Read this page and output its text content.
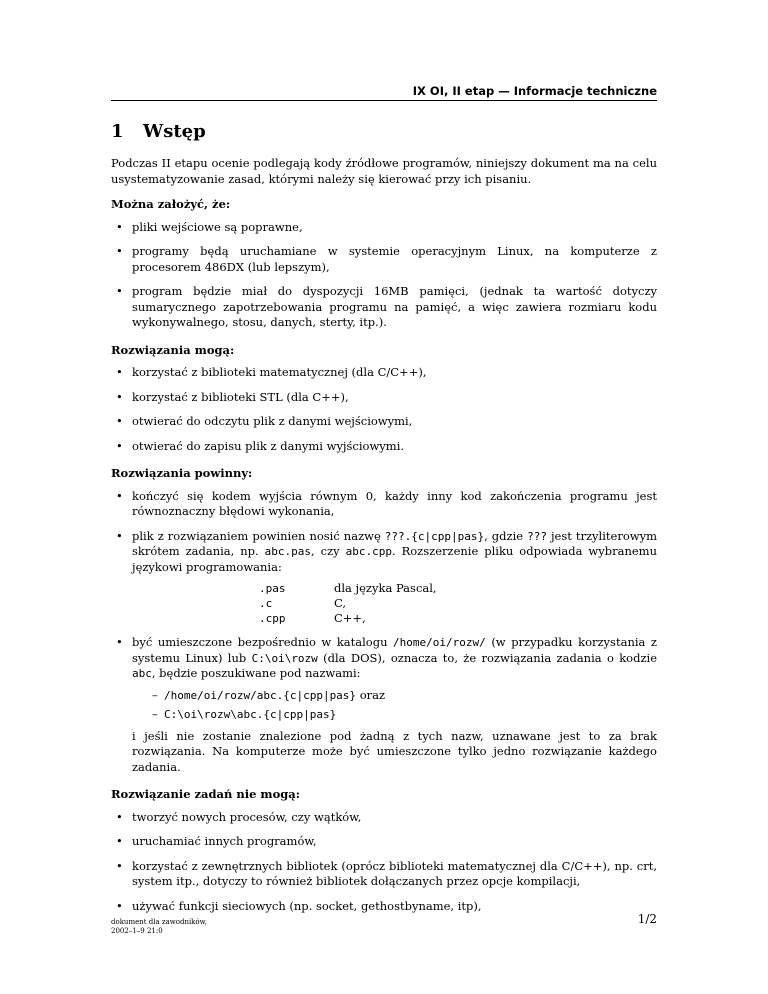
IX OI, II etap — Informacje techniczne
1 Wstęp

Podczas II etapu ocenie podlegają kody źródłowe programów, niniejszy dokument ma na celu usystematyzowanie zasad, którymi należy się kierować przy ich pisaniu.

Można założyć, że:

• pliki wejściowe są poprawne,
• programy będą uruchamiane w systemie operacyjnym Linux, na komputerze z procesorem 486DX (lub lepszym),
• program będzie miał do dyspozycji 16MB pamięci, (jednak ta wartość dotyczy sumarycznego zapotrzebowania programu na pamięć, a więc zawiera rozmiaru kodu wykonywalnego, stosu, danych, sterty, itp.).

Rozwiązania mogą:

• korzystać z biblioteki matematycznej (dla C/C++),
• korzystać z biblioteki STL (dla C++),
• otwierać do odczytu plik z danymi wejściowymi,
• otwierać do zapisu plik z danymi wyjściowymi.

Rozwiązania powinny:

• kończyć się kodem wyjścia równym 0, każdy inny kod zakończenia programu jest równoznaczny błędowi wykonania,
• plik z rozwiązaniem powinien nosić nazwę ???.{c|cpp|pas}, gdzie ??? jest trzyliterowym skrótem zadania, np. abc.pas, czy abc.cpp. Rozszerzenie pliku odpowiada wybranemu językowi programowania:
.pas	dla języka Pascal,
.c	C,
.cpp	C++,
• być umieszczone bezpośrednio w katalogu /home/oi/rozw/ (w przypadku korzystania z systemu Linux) lub C:\oi\rozw (dla DOS), oznacza to, że rozwiązania zadania o kodzie abc, będzie poszukiwane pod nazwami:
– /home/oi/rozw/abc.{c|cpp|pas} oraz
– C:\oi\rozw\abc.{c|cpp|pas}

i jeśli nie zostanie znalezione pod żadną z tych nazw, uznawane jest to za brak rozwiązania. Na komputerze może być umieszczone tylko jedno rozwiązanie każdego zadania.

Rozwiązanie zadań nie mogą:

• tworzyć nowych procesów, czy wątków,
• uruchamiać innych programów,
• korzystać z zewnętrznych bibliotek (oprócz biblioteki matematycznej dla C/C++), np. crt, system itp., dotyczy to również bibliotek dołączanych przez opcje kompilacji,
• używać funkcji sieciowych (np. socket, gethostbyname, itp),
dokument dla zawodników,
2002–1–9 21:0
1/2
